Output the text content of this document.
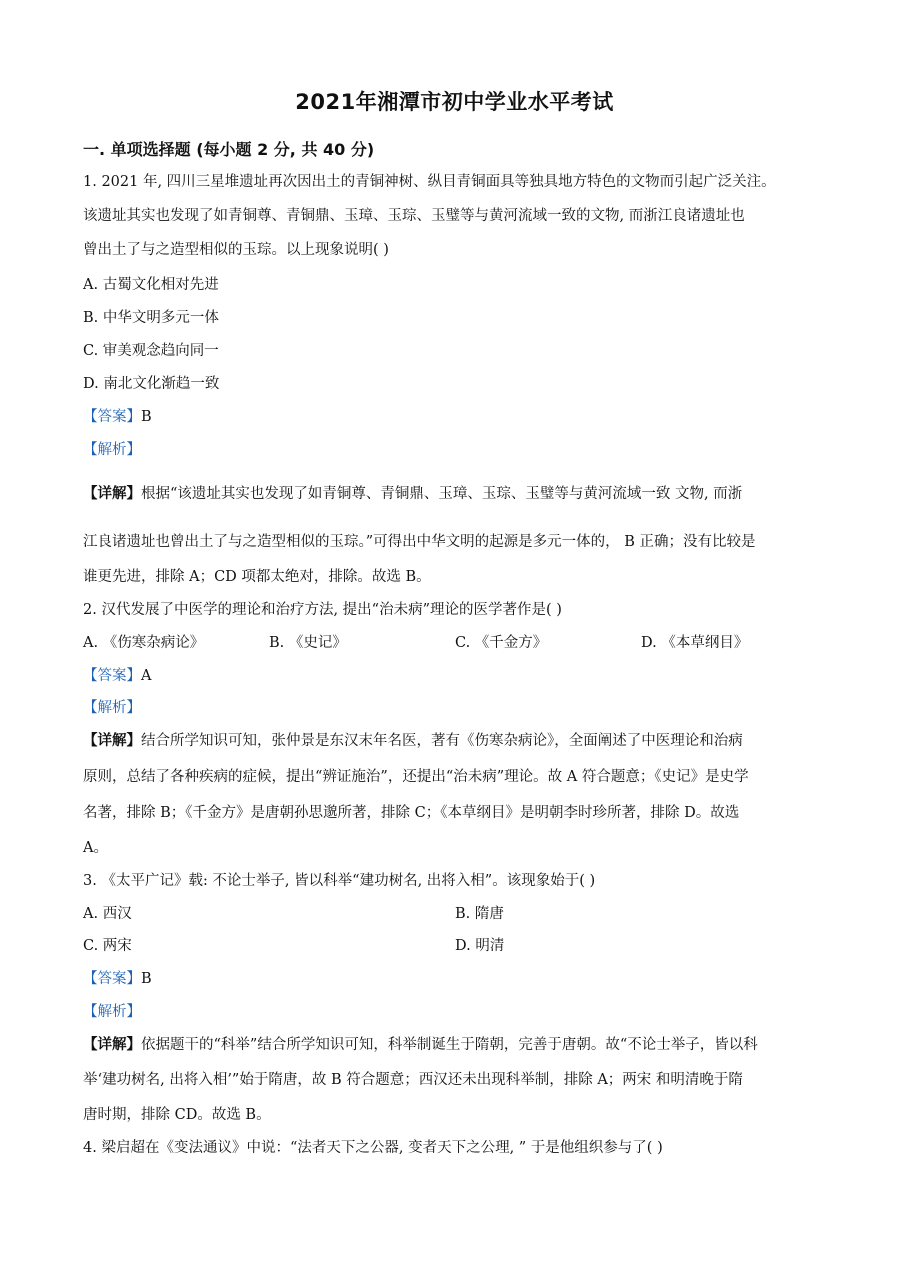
2021年湘潭市初中学业水平考试
一. 单项选择题 (每小题 2 分, 共 40 分)
1. 2021 年, 四川三星堆遗址再次因出土的青铜神树、纵目青铜面具等独具地方特色的文物而引起广泛关注。
该遗址其实也发现了如青铜尊、青铜鼎、玉璋、玉琮、玉璧等与黄河流域一致的文物, 而浙江良诸遗址也
曾出土了与之造型相似的玉琮。以上现象说明( )
A. 古蜀文化相对先进
B. 中华文明多元一体
C. 审美观念趋向同一
D. 南北文化渐趋一致
【答案】B
【解析】
【详解】根据“该遗址其实也发现了如青铜尊、青铜鼎、玉璋、玉琮、玉璧等与黄河流域一致 文物, 而浙
江良诸遗址也曾出土了与之造型相似的玉琮。”可得出中华文明的起源是多元一体的， B 正确；没有比较是
谁更先进，排除 A；CD 项都太绝对，排除。故选 B。
2. 汉代发展了中医学的理论和治疗方法, 提出“治未病”理论的医学著作是( )
A. 《伤寒杂病论》	B. 《史记》	C. 《千金方》	D. 《本草纲目》
【答案】A
【解析】
【详解】结合所学知识可知，张仲景是东汉末年名医，著有《伤寒杂病论》，全面阐述了中医理论和治病
原则，总结了各种疾病的症候，提出“辨证施治”，还提出“治未病”理论。故 A 符合题意；《史记》是史学
名著，排除 B；《千金方》是唐朝孙思邈所著，排除 C；《本草纲目》是明朝李时珍所著，排除 D。故选
A。
3. 《太平广记》载: 不论士举子, 皆以科举“建功树名, 出将入相”。该现象始于( )
A. 西汉	B. 隋唐
C. 两宋	D. 明清
【答案】B
【解析】
【详解】依据题干的“科举”结合所学知识可知，科举制诞生于隋朝，完善于唐朝。故“不论士举子，皆以科
举‘建功树名, 出将入相’”始于隋唐，故 B 符合题意；西汉还未出现科举制，排除 A；两宋 和明清晚于隋
唐时期，排除 CD。故选 B。
4. 梁启超在《变法通议》中说：“法者天下之公器, 变者天下之公理, ” 于是他组织参与了( )
